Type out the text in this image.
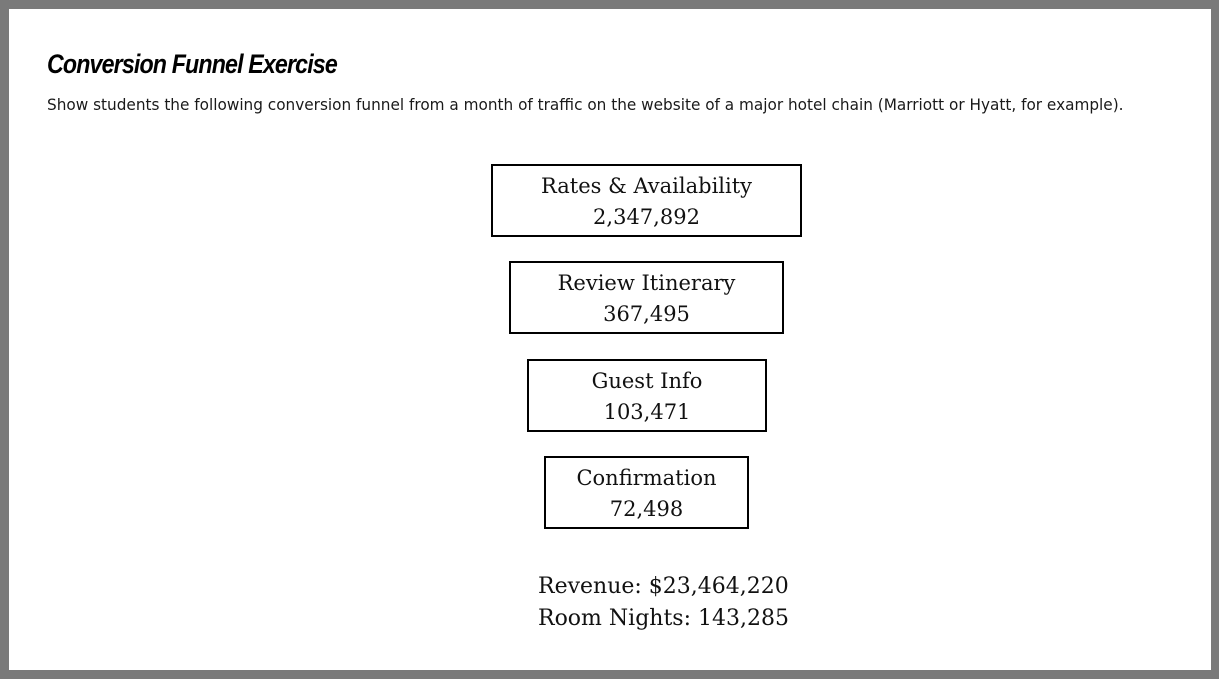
Conversion Funnel Exercise

Show students the following conversion funnel from a month of traffic on the website of a major hotel chain (Marriott or Hyatt, for example).

Rates & Availability
2,347,892
Review Itinerary
367,495
Guest Info
103,471
Confirmation
72,498
Revenue: $23,464,220
Room Nights: 143,285
